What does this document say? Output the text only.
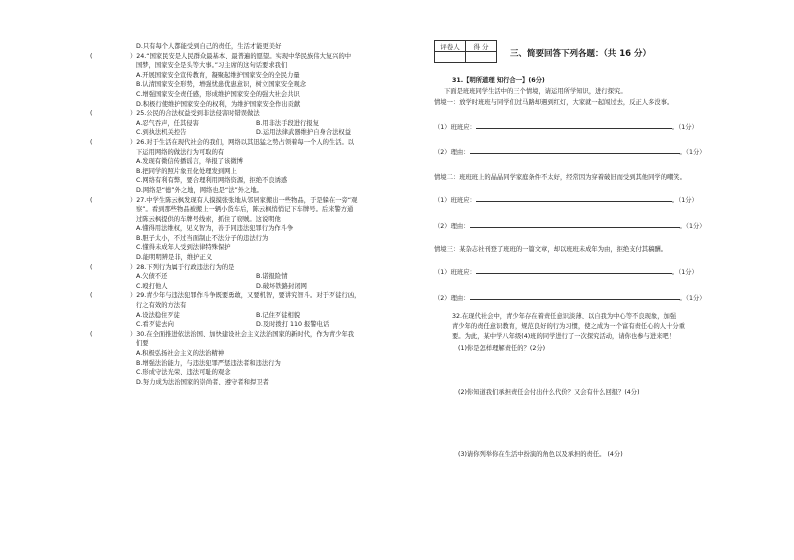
D.只有每个人都能受到自己的责任，生活才能更美好
(	）24.“国家民安是人民群众最基本、最普遍的愿望。实现中华民族伟大复兴的中
国梦，国家安全是头等大事。”习主席的这句话要求我们
A.开展国家安全宣传教育，凝聚起维护国家安全的全民力量
B.认清国家安全形势，增强忧患优患意识，树立国家安全观念
C.增强国家安全责任感，形成维护国家安全的强大社会共识
D.积极行使维护国家安全的权利，为维护国家安全作出贡献
(	）25.公民的合法权益受到非法侵害时错误做法
A.忍气吞声，任其侵害	B.用非法手段进行报复
C.到执法机关控告	D.运用法律武器维护自身合法权益
(	）26.对于生活在现代社会的我们，网络以其迅猛之势占领着每一个人的生活。以
下运用网络的做法行为可取的有
A.发现有微信传播谣言，举报了该微博
B.把同学的照片象丑化处理发到网上
C.网络有利有弊，要合理利用网络资源，拒绝不良诱惑
D.网络是“德”外之地，网络也是“法”外之地。
(	）27.中学生陈云枫发现有人摸摸张张地从邻居家搬出一些物品，于是躲在一旁“观
察”。看到那些物品被搬上一辆小货车后，陈云枫悄悄记下车牌号。后来警方通
过陈云枫提供的车牌号线索，抓住了窃贼。这说明他
A.懂得用法维权，见义智为，善于同违法犯罪行为作斗争
B.胆子太小，不过当面制止不法分子的违法行为
C.懂得未成年人受到法律特殊保护
D.能明明辨是非，维护正义
(	）28.下列行为属于行政违法行为的是
A.欠债不还	B.诺报险情
C.殴打他人	D.破坏铁路封闭网
(	）29.青少年与违法犯罪作斗争既要勇敢，又要机智，要讲究智斗。对于歹徒行凶，
行之有效的方法有
A.设法稳住歹徒	B.记住歹徒相貌
C.看歹徒去向	D.及时拨打 110 报警电话
(	）30.在全面推进依法治国、加快建设社会主义法治国家的新时代，作为青少年我
们要
A.积极弘扬社会主义的法治精神
B.增强法治能力，与违法犯罪严惩违法者和违法行为
C.形成守法光荣、违法可耻的观念
D.努力成为法治国家的崇尚者、遵守者和捍卫者
评卷人	得 分

三、简要回答下列各题：（共 16 分）
31.【明所道理 知行合一】(6分)
下面是班班同学生活中的三个情境，请运用所学知识，进行探究。
情境一：放学时班班与同学们过马路却遇到红灯，大家就一起闯过去，反正人多没事。
（1）班班应：	。（1分）
（2）理由：	。（1分）
情境二：班班班上的晶晶同学家庭条件不太好，经常因为穿着破旧而受到其他同学的嘲笑。
（1）班班应：	。（1分）
（2）理由：	。（1分）
情境三：某杂志社刊登了班班的一篇文章，却以班班未成年为由，拒绝支付其稿酬。
（1）班班应：	。（1分）
（2）理由：	。（1分）
32.在现代社会中，青少年存在着责任意识淡薄、以自我为中心等不良现象，加强
青少年的责任意识教育，规范良好的行为习惯，使之成为一个富有责任心的人十分重
要。为此，某中学八年级(4)班的同学进行了一次探究活动，请你也参与进来吧！
(1)你是怎样理解责任的？(2分)
(2)你知道我们承担责任会付出什么代价？又会有什么回报？(4分)
(3)请你列举你在生活中扮演的角色以及承担的责任。 (4分)
